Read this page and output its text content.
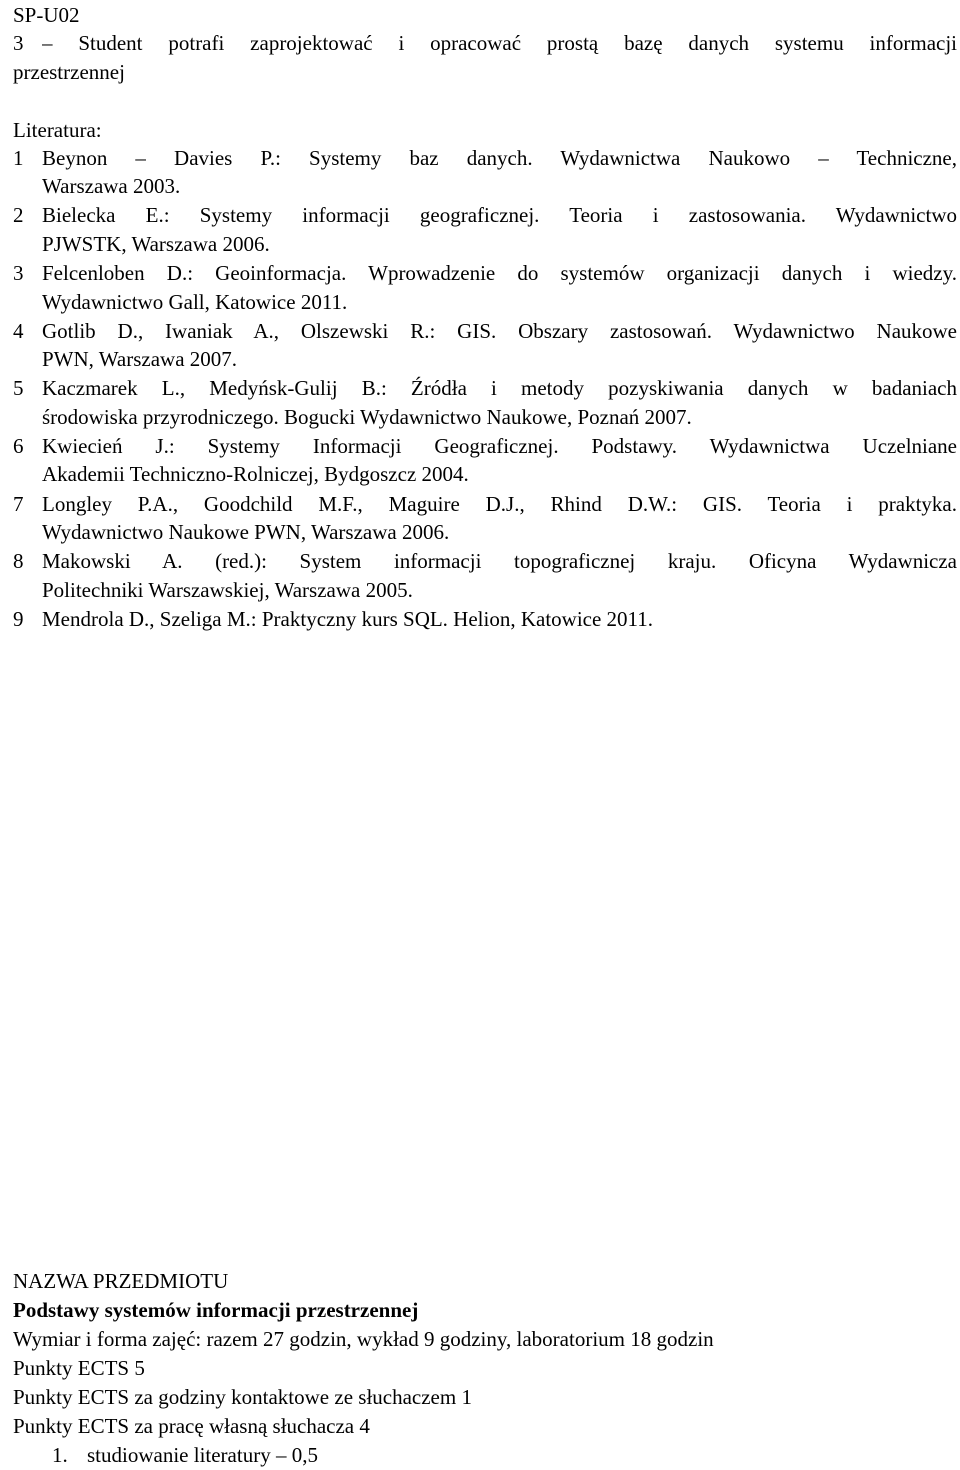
SP-U02
3 – Student potrafi zaprojektować i opracować prostą bazę danych systemu informacji
przestrzennej
Literatura:
1 Beynon – Davies P.: Systemy baz danych. Wydawnictwa Naukowo – Techniczne,
Warszawa 2003.
2 Bielecka E.: Systemy informacji geograficznej. Teoria i zastosowania. Wydawnictwo
PJWSTK, Warszawa 2006.
3 Felcenloben D.: Geoinformacja. Wprowadzenie do systemów organizacji danych i wiedzy.
Wydawnictwo Gall, Katowice 2011.
4 Gotlib D., Iwaniak A., Olszewski R.: GIS. Obszary zastosowań. Wydawnictwo Naukowe
PWN, Warszawa 2007.
5 Kaczmarek L., Medyńsk-Gulij B.: Źródła i metody pozyskiwania danych w badaniach
środowiska przyrodniczego. Bogucki Wydawnictwo Naukowe, Poznań 2007.
6 Kwiecień J.: Systemy Informacji Geograficznej. Podstawy. Wydawnictwa Uczelniane
Akademii Techniczno-Rolniczej, Bydgoszcz 2004.
7 Longley P.A., Goodchild M.F., Maguire D.J., Rhind D.W.: GIS. Teoria i praktyka.
Wydawnictwo Naukowe PWN, Warszawa 2006.
8 Makowski A. (red.): System informacji topograficznej kraju. Oficyna Wydawnicza
Politechniki Warszawskiej, Warszawa 2005.
9 Mendrola D., Szeliga M.: Praktyczny kurs SQL. Helion, Katowice 2011.
NAZWA PRZEDMIOTU
Podstawy systemów informacji przestrzennej
Wymiar i forma zajęć: razem 27 godzin, wykład 9 godziny, laboratorium 18 godzin
Punkty ECTS 5
Punkty ECTS za godziny kontaktowe ze słuchaczem 1
Punkty ECTS za pracę własną słuchacza 4
1. studiowanie literatury – 0,5
